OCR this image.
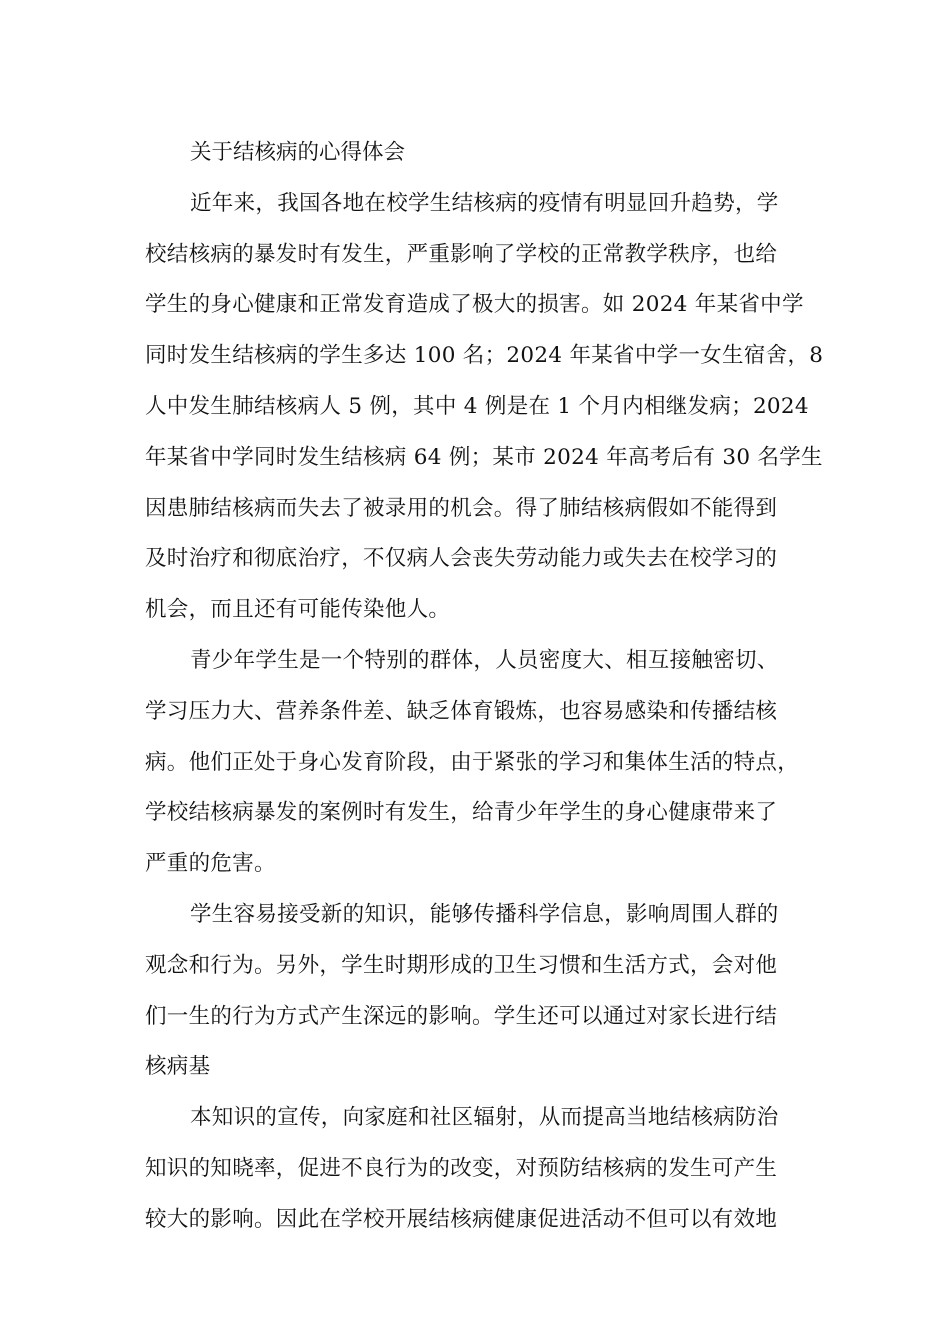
关于结核病的心得体会
近年来，我国各地在校学生结核病的疫情有明显回升趋势，学
校结核病的暴发时有发生，严重影响了学校的正常教学秩序，也给
学生的身心健康和正常发育造成了极大的损害。如 2024 年某省中学
同时发生结核病的学生多达 100 名；2024 年某省中学一女生宿舍，8
人中发生肺结核病人 5 例，其中 4 例是在 1 个月内相继发病；2024
年某省中学同时发生结核病 64 例；某市 2024 年高考后有 30 名学生
因患肺结核病而失去了被录用的机会。得了肺结核病假如不能得到
及时治疗和彻底治疗，不仅病人会丧失劳动能力或失去在校学习的
机会，而且还有可能传染他人。
青少年学生是一个特别的群体，人员密度大、相互接触密切、
学习压力大、营养条件差、缺乏体育锻炼，也容易感染和传播结核
病。他们正处于身心发育阶段，由于紧张的学习和集体生活的特点，
学校结核病暴发的案例时有发生，给青少年学生的身心健康带来了
严重的危害。
学生容易接受新的知识，能够传播科学信息，影响周围人群的
观念和行为。另外，学生时期形成的卫生习惯和生活方式，会对他
们一生的行为方式产生深远的影响。学生还可以通过对家长进行结
核病基
本知识的宣传，向家庭和社区辐射，从而提高当地结核病防治
知识的知晓率，促进不良行为的改变，对预防结核病的发生可产生
较大的影响。因此在学校开展结核病健康促进活动不但可以有效地
